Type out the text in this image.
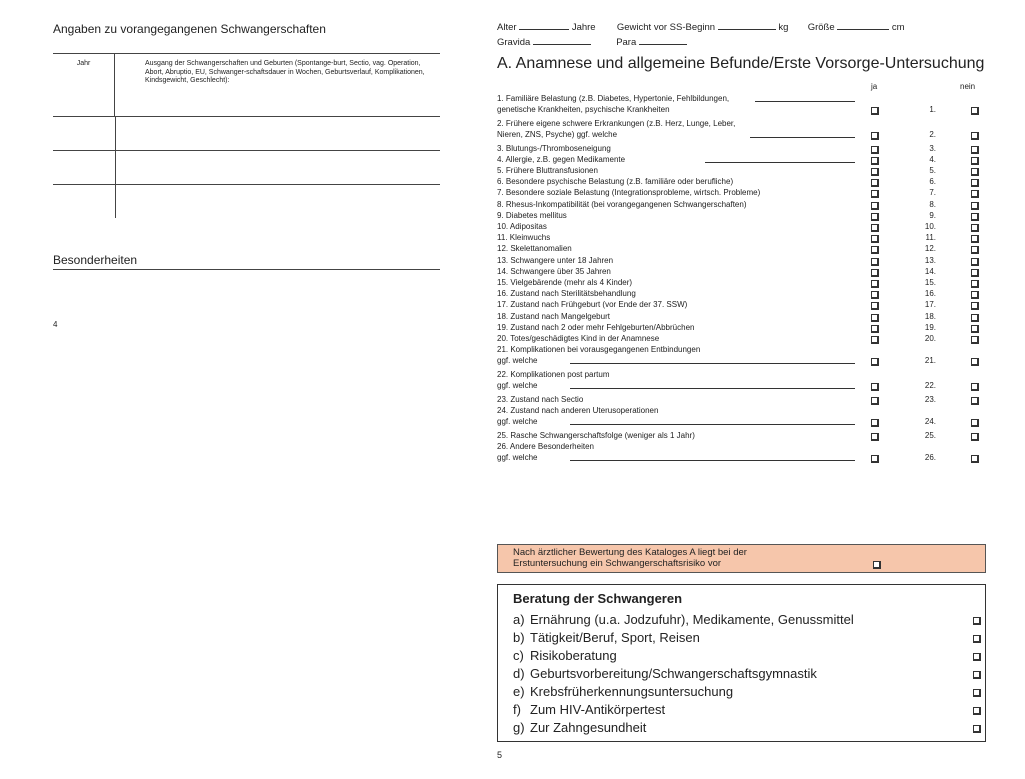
Angaben zu vorangegangenen Schwangerschaften
Jahr	Ausgang der Schwangerschaften und Geburten (Spontange-burt, Sectio, vag. Operation, Abort, Abruptio, EU, Schwanger-schaftsdauer in Wochen, Geburtsverlauf, Komplikationen, Kindsgewicht, Geschlecht):
Besonderheiten
4
Alter	Jahre Gewicht vor SS-Beginn	kg Größe	cm
Gravida	Para
A. Anamnese und allgemeine Befunde/Erste Vorsorge-Untersuchung
ja	nein
1. Familiäre Belastung (z.B. Diabetes, Hypertonie, Fehlbildungen,
genetische Krankheiten, psychische Krankheiten	1.
2. Frühere eigene schwere Erkrankungen (z.B. Herz, Lunge, Leber,
Nieren, ZNS, Psyche) ggf. welche	2.
3. Blutungs-/Thromboseneigung	3.
4. Allergie, z.B. gegen Medikamente	4.
5. Frühere Bluttransfusionen	5.
6. Besondere psychische Belastung (z.B. familiäre oder berufliche)	6.
7. Besondere soziale Belastung (Integrationsprobleme, wirtsch. Probleme)	7.
8. Rhesus-Inkompatibilität (bei vorangegangenen Schwangerschaften)	8.
9. Diabetes mellitus	9.
10. Adipositas	10.
11. Kleinwuchs	11.
12. Skelettanomalien	12.
13. Schwangere unter 18 Jahren	13.
14. Schwangere über 35 Jahren	14.
15. Vielgebärende (mehr als 4 Kinder)	15.
16. Zustand nach Sterilitätsbehandlung	16.
17. Zustand nach Frühgeburt (vor Ende der 37. SSW)	17.
18. Zustand nach Mangelgeburt	18.
19. Zustand nach 2 oder mehr Fehlgeburten/Abbrüchen	19.
20. Totes/geschädigtes Kind in der Anamnese	20.
21. Komplikationen bei vorausgegangenen Entbindungen
ggf. welche	21.
22. Komplikationen post partum
ggf. welche	22.
23. Zustand nach Sectio	23.
24. Zustand nach anderen Uterusoperationen
ggf. welche	24.
25. Rasche Schwangerschaftsfolge (weniger als 1 Jahr)	25.
26. Andere Besonderheiten
ggf. welche	26.
Nach ärztlicher Bewertung des Kataloges A liegt bei der
Erstuntersuchung ein Schwangerschaftsrisiko vor
Beratung der Schwangeren
a) Ernährung (u.a. Jodzufuhr), Medikamente, Genussmittel
b) Tätigkeit/Beruf, Sport, Reisen
c) Risikoberatung
d) Geburtsvorbereitung/Schwangerschaftsgymnastik
e) Krebsfrüherkennungsuntersuchung
f) Zum HIV-Antikörpertest
g) Zur Zahngesundheit
5
